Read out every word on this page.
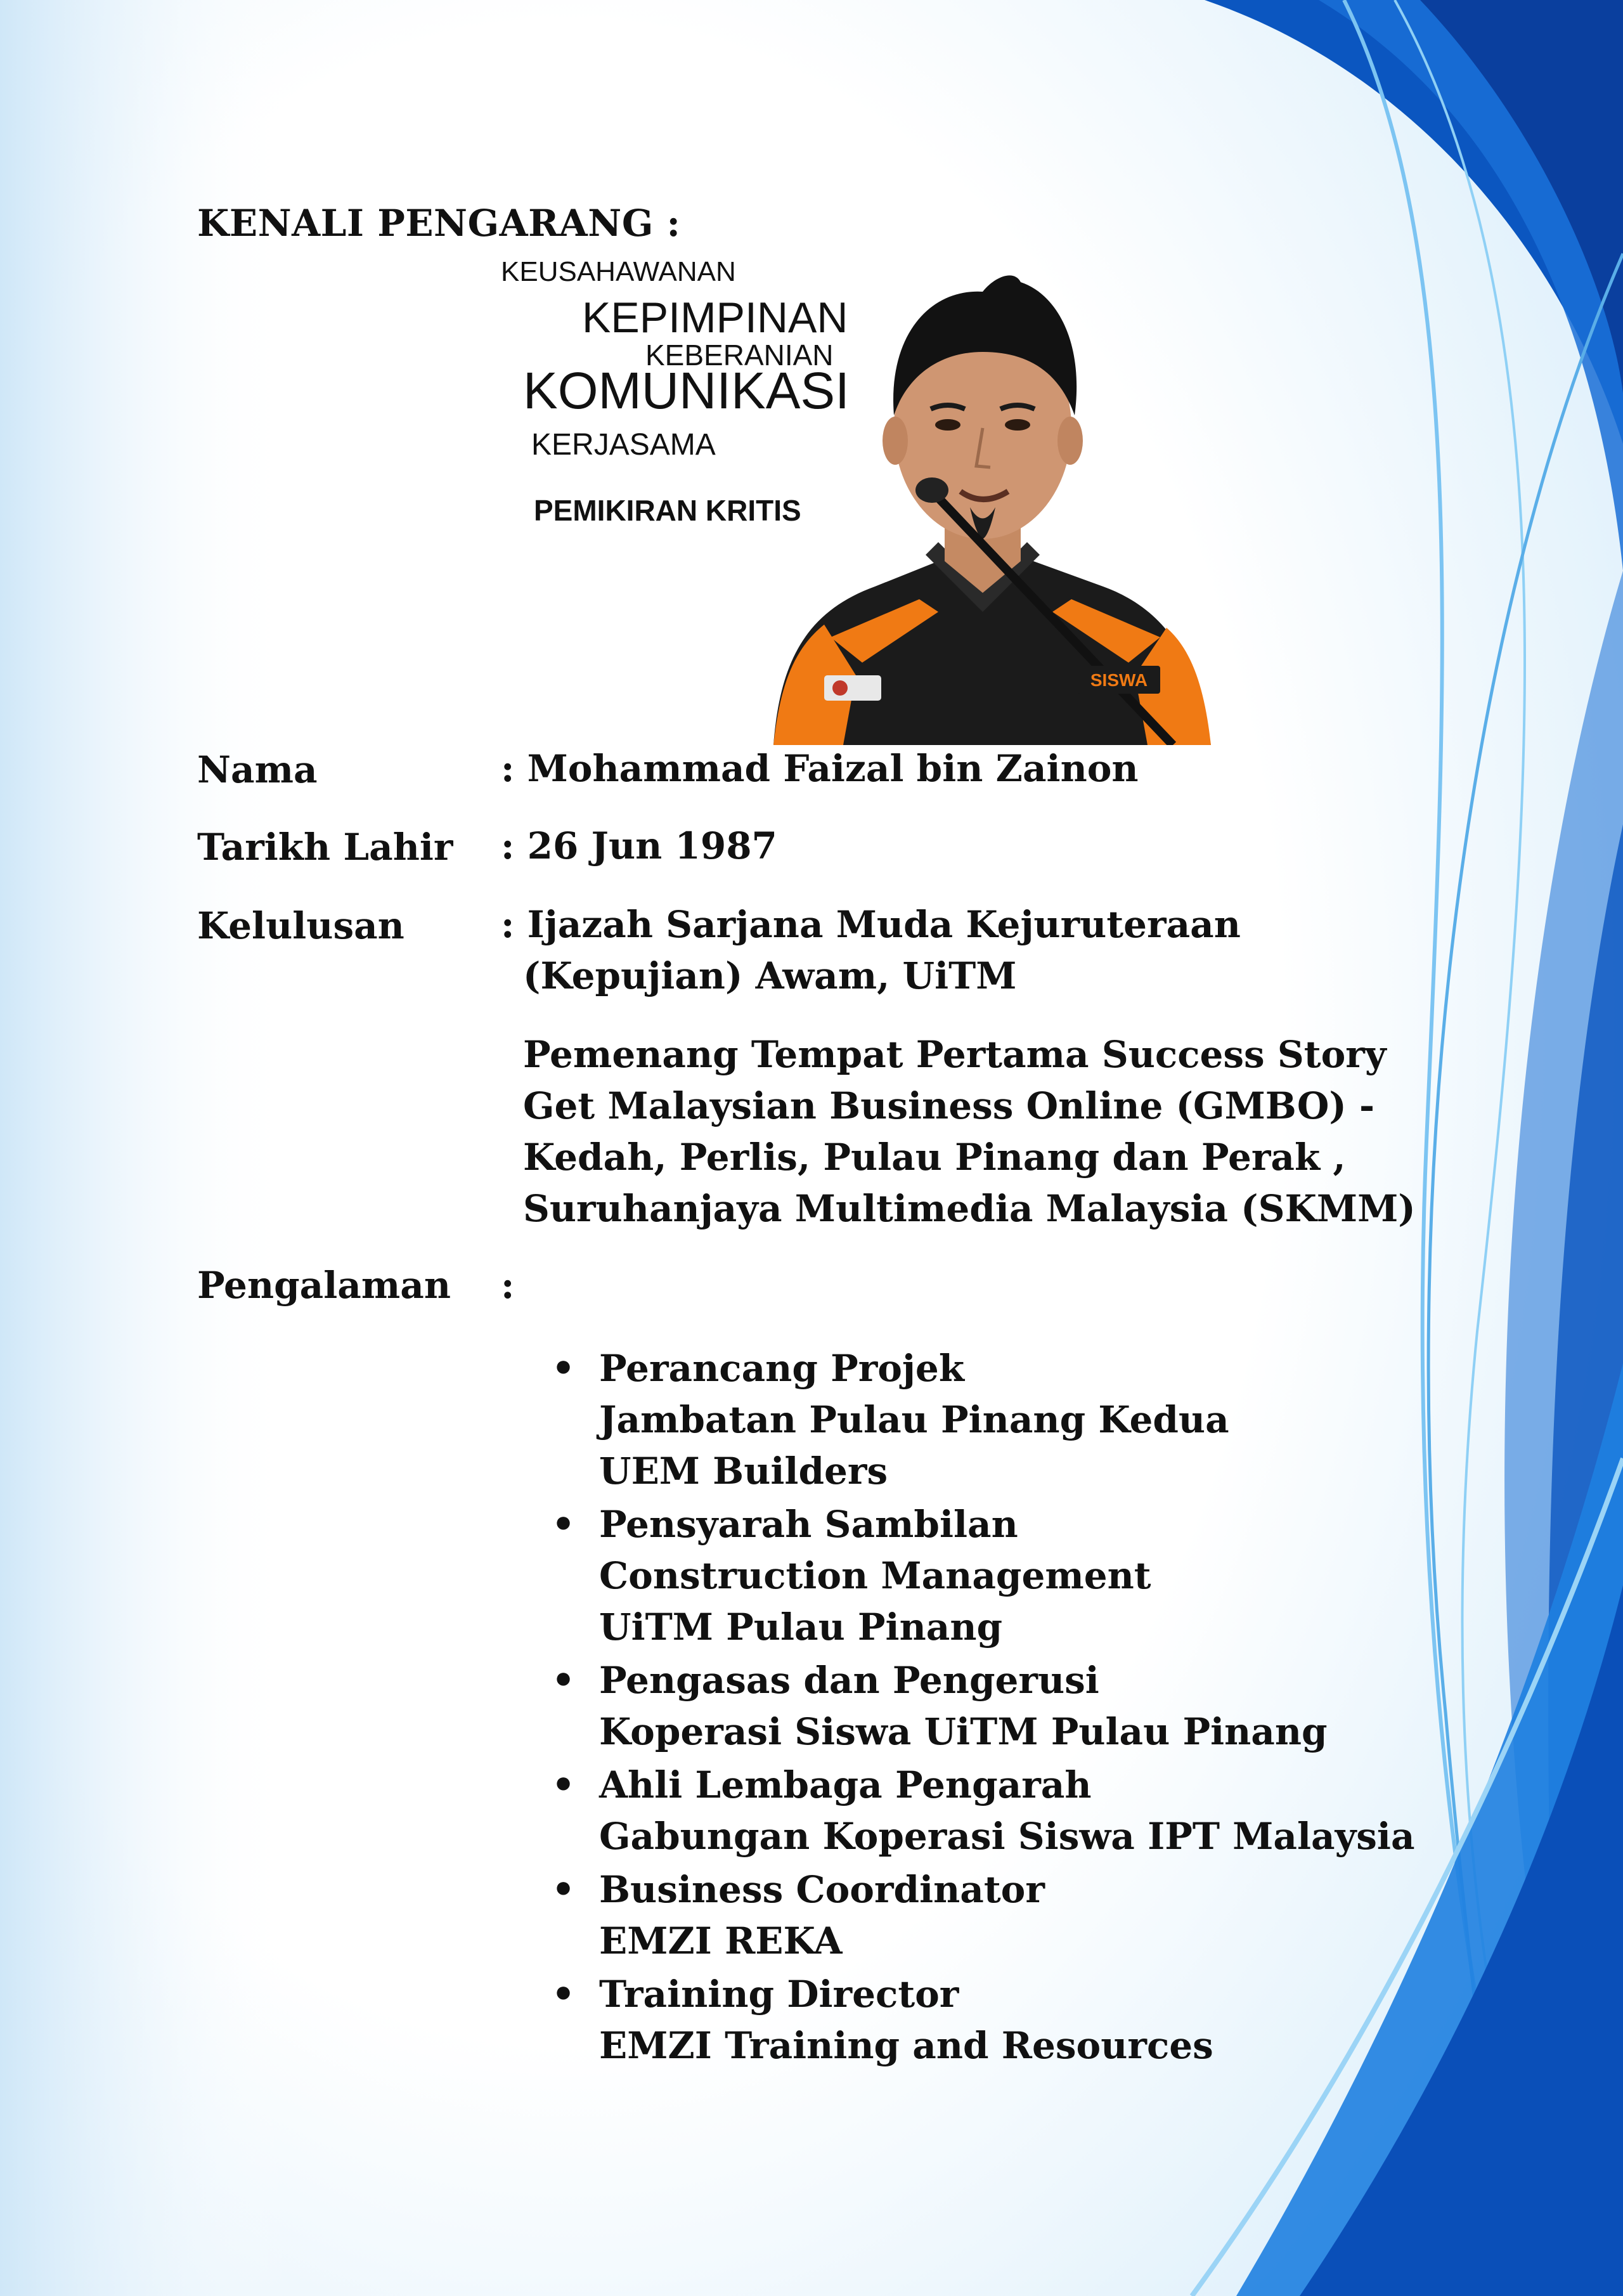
KENALI PENGARANG :
KEUSAHAWANAN
KEPIMPINAN
KEBERANIAN
KOMUNIKASI
KERJASAMA
PEMIKIRAN KRITIS
SISWA
Nama	: Mohammad Faizal bin Zainon
Tarikh Lahir : 26 Jun 1987
Kelulusan	: Ijazah Sarjana Muda Kejuruteraan
(Kepujian) Awam, UiTM
Pemenang Tempat Pertama Success Story
Get Malaysian Business Online (GMBO) -
Kedah, Perlis, Pulau Pinang dan Perak ,
Suruhanjaya Multimedia Malaysia (SKMM)
Pengalaman :
• Perancang Projek
Jambatan Pulau Pinang Kedua
UEM Builders
• Pensyarah Sambilan
Construction Management
UiTM Pulau Pinang
• Pengasas dan Pengerusi
Koperasi Siswa UiTM Pulau Pinang
• Ahli Lembaga Pengarah
Gabungan Koperasi Siswa IPT Malaysia
• Business Coordinator
EMZI REKA
• Training Director
EMZI Training and Resources
